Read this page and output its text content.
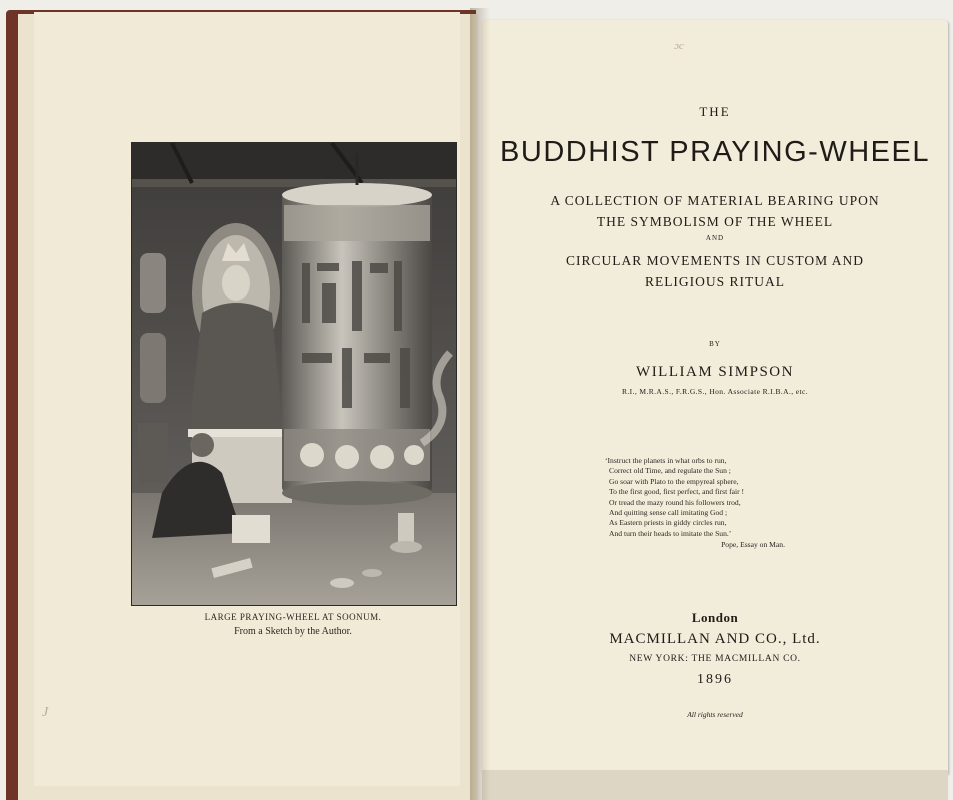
ɔc
J
LARGE PRAYING-WHEEL AT SOONUM.
From a Sketch by the Author.
THE
BUDDHIST PRAYING-WHEEL
A COLLECTION OF MATERIAL BEARING UPON
THE SYMBOLISM OF THE WHEEL
AND
CIRCULAR MOVEMENTS IN CUSTOM AND
RELIGIOUS RITUAL
BY
WILLIAM SIMPSON
R.I., M.R.A.S., F.R.G.S., Hon. Associate R.I.B.A., etc.
‘Instruct the planets in what orbs to run,
Correct old Time, and regulate the Sun ;
Go soar with Plato to the empyreal sphere,
To the first good, first perfect, and first fair !
Or tread the mazy round his followers trod,
And quitting sense call imitating God ;
As Eastern priests in giddy circles run,
And turn their heads to imitate the Sun.’
Pope, Essay on Man.
London
MACMILLAN AND CO., Ltd.
NEW YORK: THE MACMILLAN CO.
1896
All rights reserved
